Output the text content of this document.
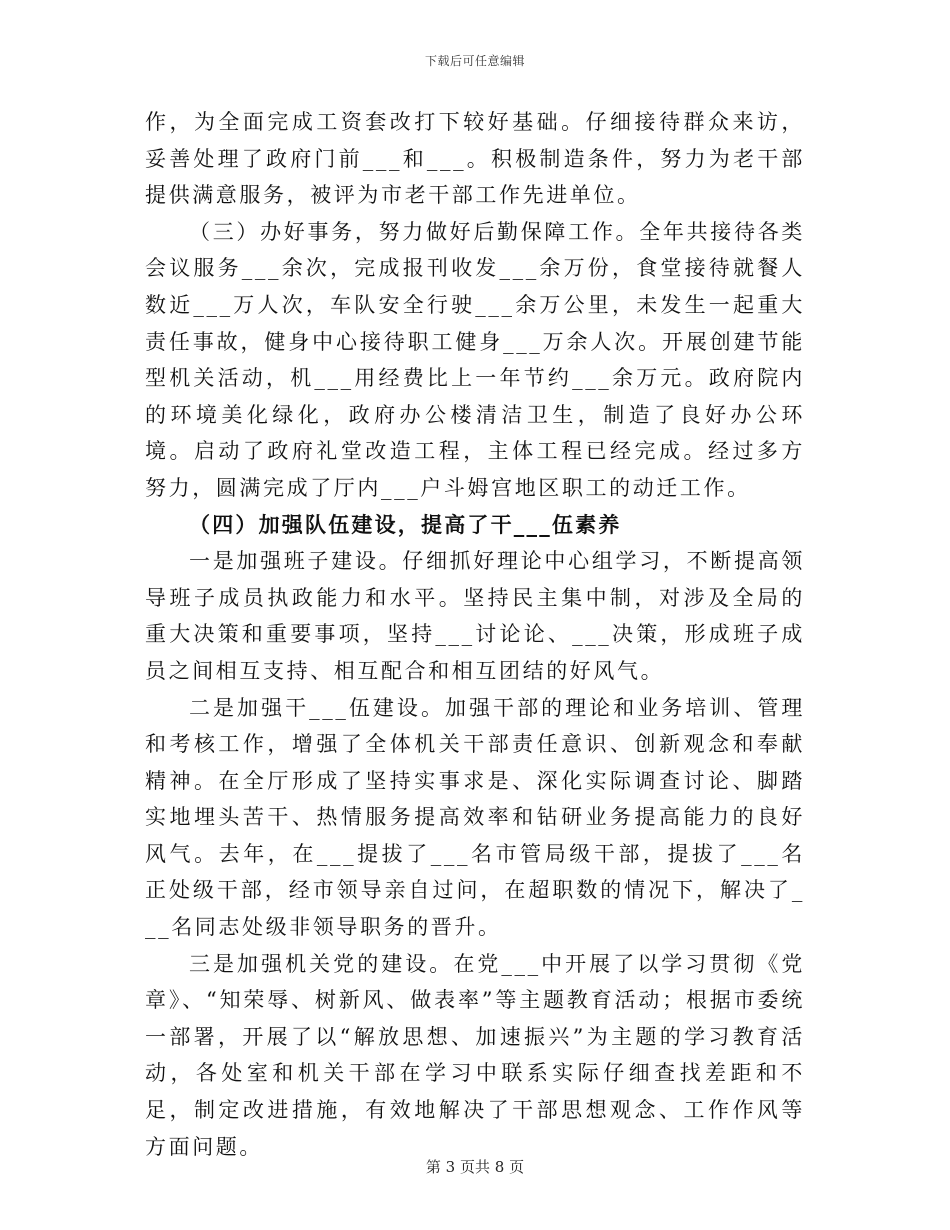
下载后可任意编辑

作，为全面完成工资套改打下较好基础。仔细接待群众来访，妥善处理了政府门前___和___。积极制造条件，努力为老干部提供满意服务，被评为市老干部工作先进单位。

（三）办好事务，努力做好后勤保障工作。全年共接待各类会议服务___余次，完成报刊收发___余万份，食堂接待就餐人数近___万人次，车队安全行驶___余万公里，未发生一起重大责任事故，健身中心接待职工健身___万余人次。开展创建节能型机关活动，机___用经费比上一年节约___余万元。政府院内的环境美化绿化，政府办公楼清洁卫生，制造了良好办公环境。启动了政府礼堂改造工程，主体工程已经完成。经过多方努力，圆满完成了厅内___户斗姆宫地区职工的动迁工作。

（四）加强队伍建设，提高了干___伍素养

一是加强班子建设。仔细抓好理论中心组学习，不断提高领导班子成员执政能力和水平。坚持民主集中制，对涉及全局的重大决策和重要事项，坚持___讨论论、___决策，形成班子成员之间相互支持、相互配合和相互团结的好风气。

二是加强干___伍建设。加强干部的理论和业务培训、管理和考核工作，增强了全体机关干部责任意识、创新观念和奉献精神。在全厅形成了坚持实事求是、深化实际调查讨论、脚踏实地埋头苦干、热情服务提高效率和钻研业务提高能力的良好风气。去年，在___提拔了___名市管局级干部，提拔了___名正处级干部，经市领导亲自过问，在超职数的情况下，解决了___名同志处级非领导职务的晋升。

三是加强机关党的建设。在党___中开展了以学习贯彻《党章》、“知荣辱、树新风、做表率”等主题教育活动；根据市委统一部署，开展了以“解放思想、加速振兴”为主题的学习教育活动，各处室和机关干部在学习中联系实际仔细查找差距和不足，制定改进措施，有效地解决了干部思想观念、工作作风等方面问题。

第 3 页共 8 页
